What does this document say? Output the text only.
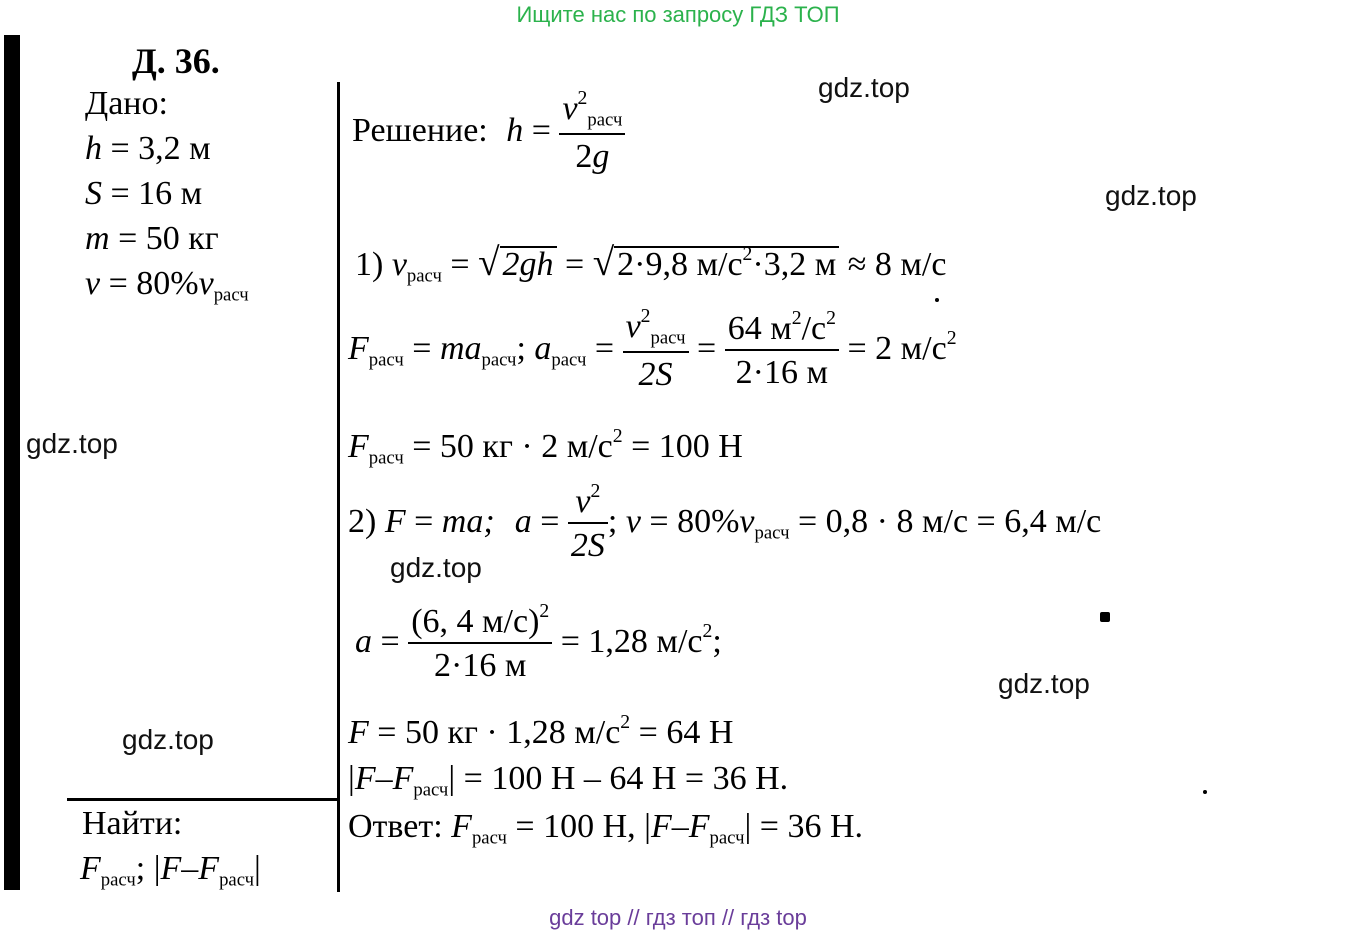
Ищите нас по запросу ГДЗ ТОП
gdz top // гдз топ // гдз top
Д. 36.
Дано:
h = 3,2 м
S = 16 м
m = 50 кг
$v = 80\%v_{расч}$
Найти:
$F_{расч}$; $|F-F_{расч}|$
Решение: $h = \frac{v^2_{расч}}{2g}$
1) $v_{расч} = √2gh = √2\cdot 9,8$ $м/с^2\cdot 3,2$ м ≈ 8 м/с
$F_{расч} = ma_{расч}$; $a_{расч} = \frac{v^2_{расч}}{2S} = \frac{64 м^2/с^2}{2\cdot 16 м} = 2$ $м/с^2$
$F_{расч} = 50$ кг · 2 $м/с^2 = 100$ Н
2) F = ma; $a = \frac{v^2}{2S}$ ; $v = 80\%v_{расч} = 0,8 \cdot 8$ м/с = 6,4 м/с
$a = \frac{(6, 4 м/с)^2}{2\cdot 16 м} = 1,28$ $м/с^2$;
F = 50 кг · 1,28 $м/с^2 = 64$ Н
$|F-F_{расч}| = 100$ Н – 64 Н = 36 Н.
Ответ: $F_{расч} = 100$ Н, $|F-F_{расч}| = 36$ Н.
gdz.top
gdz.top
gdz.top
gdz.top
gdz.top
gdz.top
